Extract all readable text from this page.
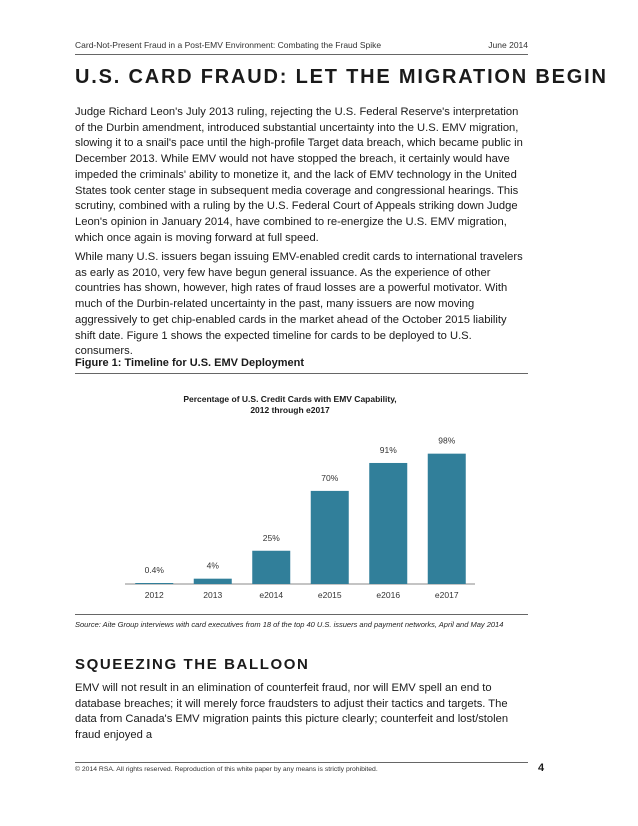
Card-Not-Present Fraud in a Post-EMV Environment: Combating the Fraud Spike	June 2014
U.S. CARD FRAUD: LET THE MIGRATION BEGIN

Judge Richard Leon's July 2013 ruling, rejecting the U.S. Federal Reserve's interpretation of the Durbin amendment, introduced substantial uncertainty into the U.S. EMV migration, slowing it to a snail's pace until the high-profile Target data breach, which became public in December 2013. While EMV would not have stopped the breach, it certainly would have impeded the criminals' ability to monetize it, and the lack of EMV technology in the United States took center stage in subsequent media coverage and congressional hearings. This scrutiny, combined with a ruling by the U.S. Federal Court of Appeals striking down Judge Leon's opinion in January 2014, have combined to re-energize the U.S. EMV migration, which once again is moving forward at full speed.

While many U.S. issuers began issuing EMV-enabled credit cards to international travelers as early as 2010, very few have begun general issuance. As the experience of other countries has shown, however, high rates of fraud losses are a powerful motivator. With much of the Durbin-related uncertainty in the past, many issuers are now moving aggressively to get chip-enabled cards in the market ahead of the October 2015 liability shift date. Figure 1 shows the expected timeline for cards to be deployed to U.S. consumers.

Figure 1: Timeline for U.S. EMV Deployment

Percentage of U.S. Credit Cards with EMV Capability,
2012 through e2017
0.4%
2012
4%
2013
25%
e2014
70%
e2015
91%
e2016
98%
e2017

Source: Aite Group interviews with card executives from 18 of the top 40 U.S. issuers and payment networks, April and May 2014

SQUEEZING THE BALLOON

EMV will not result in an elimination of counterfeit fraud, nor will EMV spell an end to database breaches; it will merely force fraudsters to adjust their tactics and targets. The data from Canada's EMV migration paints this picture clearly; counterfeit and lost/stolen fraud enjoyed a

© 2014 RSA. All rights reserved. Reproduction of this white paper by any means is strictly prohibited.	4
